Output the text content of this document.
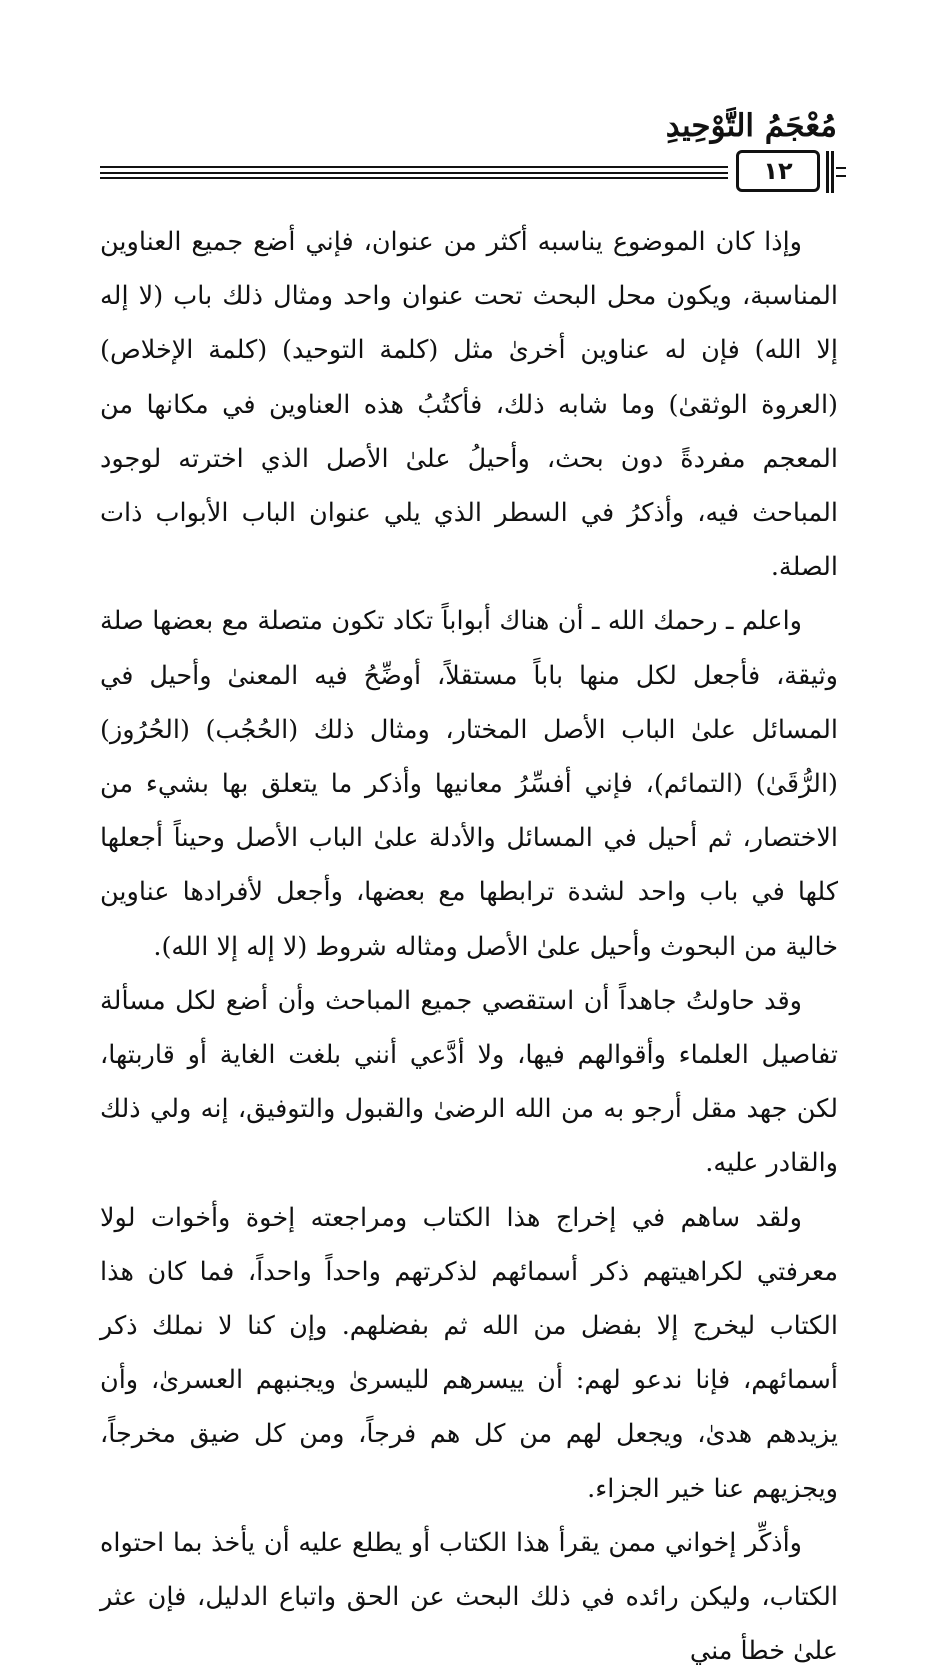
مُعْجَمُ التَّوْحِيدِ
١٢

وإذا كان الموضوع يناسبه أكثر من عنوان، فإني أضع جميع العناوين المناسبة، ويكون محل البحث تحت عنوان واحد ومثال ذلك باب (لا إله إلا الله) فإن له عناوين أخرىٰ مثل (كلمة التوحيد) (كلمة الإخلاص) (العروة الوثقىٰ) وما شابه ذلك، فأكتُبُ هذه العناوين في مكانها من المعجم مفردةً دون بحث، وأحيلُ علىٰ الأصل الذي اخترته لوجود المباحث فيه، وأذكرُ في السطر الذي يلي عنوان الباب الأبواب ذات الصلة.

واعلم ـ رحمك الله ـ أن هناك أبواباً تكاد تكون متصلة مع بعضها صلة وثيقة، فأجعل لكل منها باباً مستقلاً، أوضِّحُ فيه المعنىٰ وأحيل في المسائل علىٰ الباب الأصل المختار، ومثال ذلك (الحُجُب) (الحُرُوز) (الرُّقَىٰ) (التمائم)، فإني أفسِّرُ معانيها وأذكر ما يتعلق بها بشيء من الاختصار، ثم أحيل في المسائل والأدلة علىٰ الباب الأصل وحيناً أجعلها كلها في باب واحد لشدة ترابطها مع بعضها، وأجعل لأفرادها عناوين خالية من البحوث وأحيل علىٰ الأصل ومثاله شروط (لا إله إلا الله).

وقد حاولتُ جاهداً أن استقصي جميع المباحث وأن أضع لكل مسألة تفاصيل العلماء وأقوالهم فيها، ولا أدَّعي أنني بلغت الغاية أو قاربتها، لكن جهد مقل أرجو به من الله الرضىٰ والقبول والتوفيق، إنه ولي ذلك والقادر عليه.

ولقد ساهم في إخراج هذا الكتاب ومراجعته إخوة وأخوات لولا معرفتي لكراهيتهم ذكر أسمائهم لذكرتهم واحداً واحداً، فما كان هذا الكتاب ليخرج إلا بفضل من الله ثم بفضلهم. وإن كنا لا نملك ذكر أسمائهم، فإنا ندعو لهم: أن ييسرهم لليسرىٰ ويجنبهم العسرىٰ، وأن يزيدهم هدىٰ، ويجعل لهم من كل هم فرجاً، ومن كل ضيق مخرجاً، ويجزيهم عنا خير الجزاء.

وأذكِّر إخواني ممن يقرأ هذا الكتاب أو يطلع عليه أن يأخذ بما احتواه الكتاب، وليكن رائده في ذلك البحث عن الحق واتباع الدليل، فإن عثر علىٰ خطأ مني
